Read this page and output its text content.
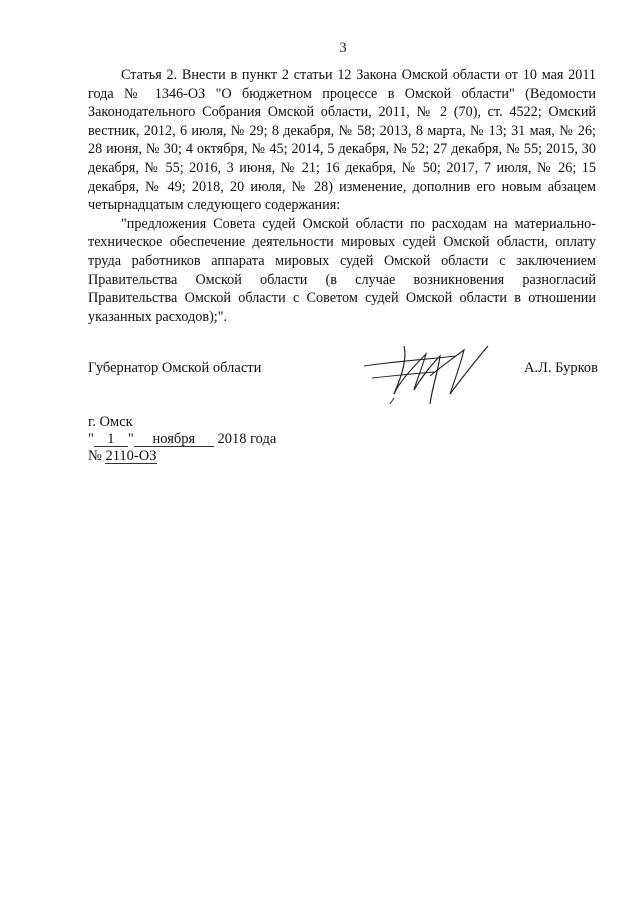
3

Статья 2. Внести в пункт 2 статьи 12 Закона Омской области от 10 мая 2011 года № 1346-ОЗ "О бюджетном процессе в Омской области" (Ведомости Законодательного Собрания Омской области, 2011, № 2 (70), ст. 4522; Омский вестник, 2012, 6 июля, № 29; 8 декабря, № 58; 2013, 8 марта, № 13; 31 мая, № 26; 28 июня, № 30; 4 октября, № 45; 2014, 5 декабря, № 52; 27 декабря, № 55; 2015, 30 декабря, № 55; 2016, 3 июня, № 21; 16 декабря, № 50; 2017, 7 июля, № 26; 15 декабря, № 49; 2018, 20 июля, № 28) изменение, дополнив его новым абзацем четырнадцатым следующего содержания:

"предложения Совета судей Омской области по расходам на материально-техническое обеспечение деятельности мировых судей Омской области, оплату труда работников аппарата мировых судей Омской области с заключением Правительства Омской области (в случае возникновения разногласий Правительства Омской области с Советом судей Омской области в отношении указанных расходов);".

Губернатор Омской области	А.Л. Бурков
г. Омск
" 1 " ноября 2018 года
№ 2110-ОЗ
